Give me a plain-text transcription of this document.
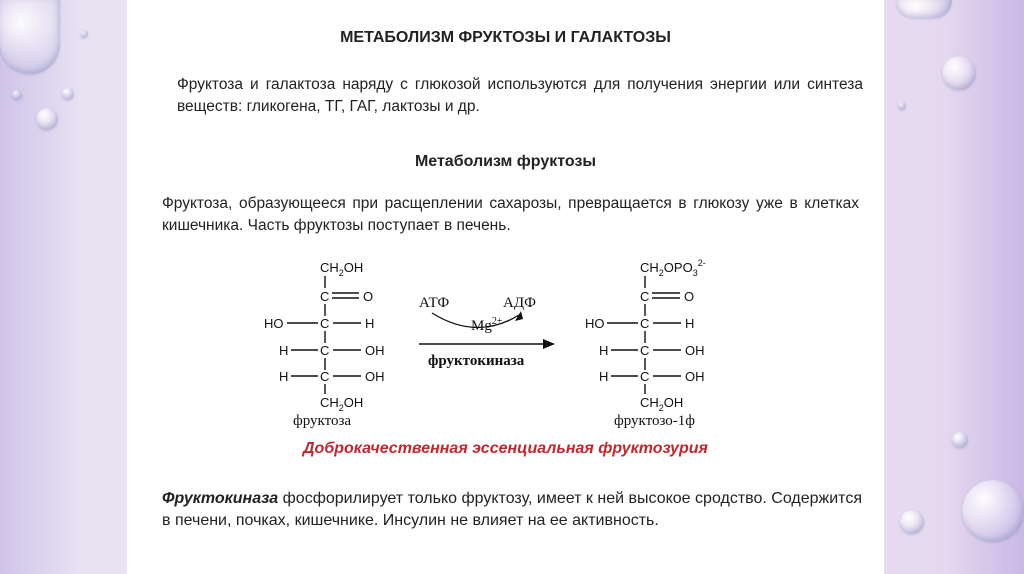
МЕТАБОЛИЗМ ФРУКТОЗЫ И ГАЛАКТОЗЫ
Фруктоза и галактоза наряду с глюкозой используются для получения энергии или синтеза веществ: гликогена, ТГ, ГАГ, лактозы и др.
Метаболизм фруктозы
Фруктоза, образующееся при расщеплении сахарозы, превращается в глюкозу уже в клетках кишечника. Часть фруктозы поступает в печень.
$CH_2OH$
C	O
HO	C	H
H C	OH
H C	OH
$CH_2OH$
фруктоза
АТФ	АДФ
$Mg^{2+}$
фруктокиназа
$CH_2OPO_3^{2-}$
C	O
HO	C	H
H C	OH
H C	OH
$CH_2OH$
фруктозо-1ф
Доброкачественная эссенциальная фруктозурия
Фруктокиназа фосфорилирует только фруктозу, имеет к ней высокое сродство. Содержится в печени, почках, кишечнике. Инсулин не влияет на ее активность.
